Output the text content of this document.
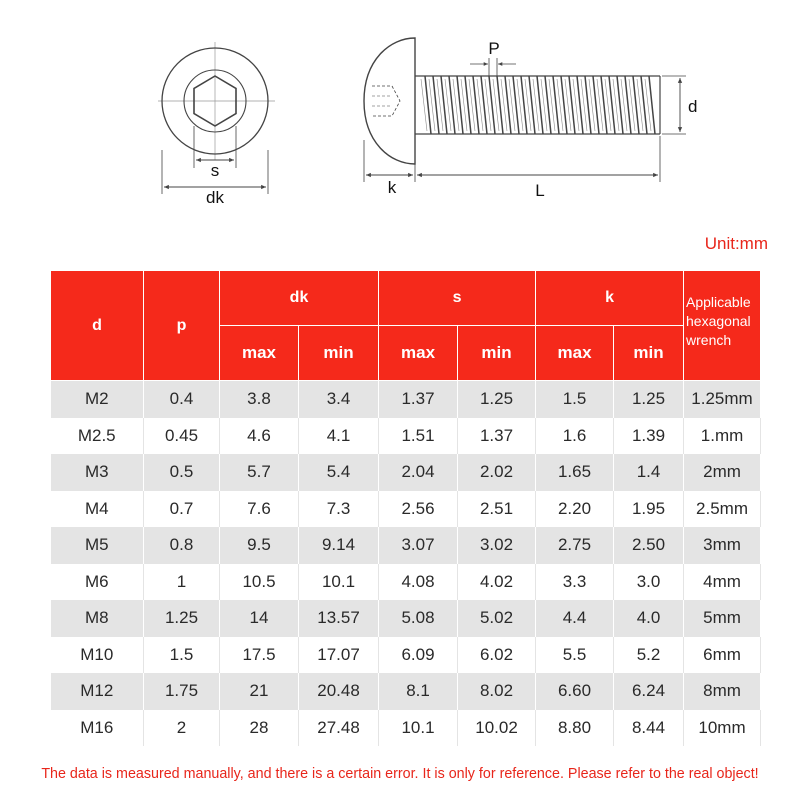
s
dk
P
d
k	L
Unit:mm
d	p	dk		s		k		Applicable
hexagonal
wrench
		max	min	max	min	max	min	
M2	0.4	3.8	3.4	1.37	1.25	1.5	1.25	1.25mm
M2.5	0.45	4.6	4.1	1.51	1.37	1.6	1.39	1.mm
M3	0.5	5.7	5.4	2.04	2.02	1.65	1.4	2mm
M4	0.7	7.6	7.3	2.56	2.51	2.20	1.95	2.5mm
M5	0.8	9.5	9.14	3.07	3.02	2.75	2.50	3mm
M6	1	10.5	10.1	4.08	4.02	3.3	3.0	4mm
M8	1.25	14	13.57	5.08	5.02	4.4	4.0	5mm
M10	1.5	17.5	17.07	6.09	6.02	5.5	5.2	6mm
M12	1.75	21	20.48	8.1	8.02	6.60	6.24	8mm
M16	2	28	27.48	10.1	10.02	8.80	8.44	10mm
The data is measured manually, and there is a certain error. It is only for reference. Please refer to the real object!
